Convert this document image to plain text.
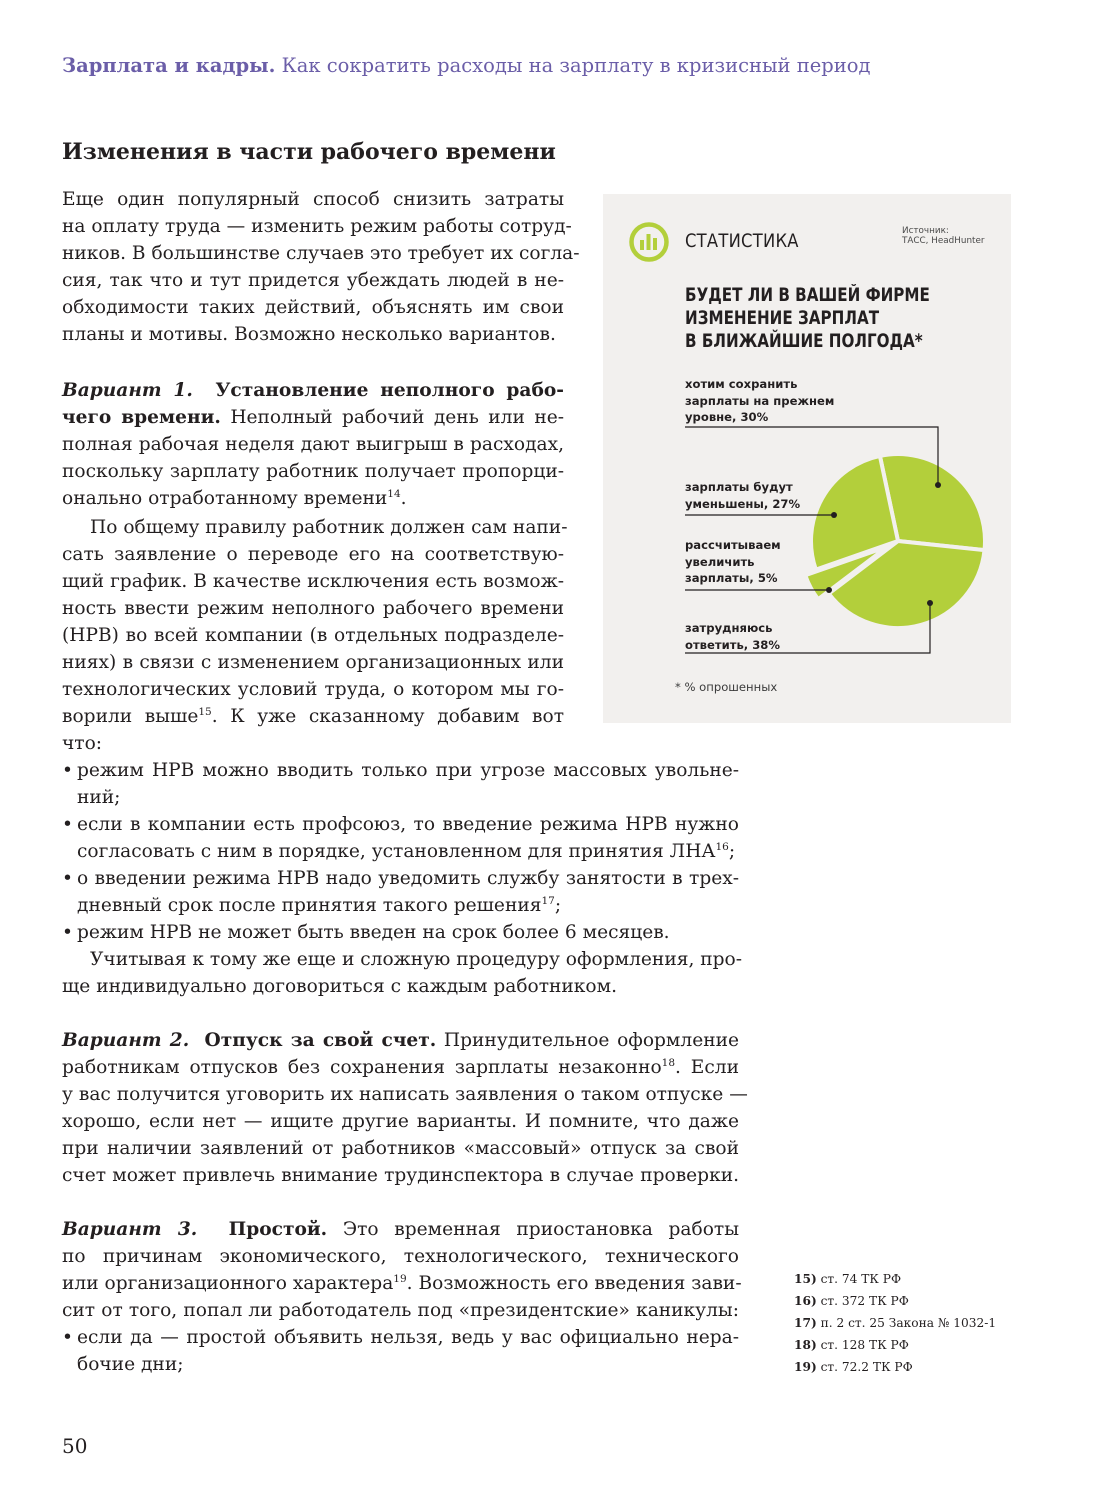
Зарплата и кадры. Как сократить расходы на зарплату в кризисный период
Изменения в части рабочего времени
Еще один популярный способ снизить затраты
на оплату труда — изменить режим работы сотруд-
ников. В большинстве случаев это требует их согла-
сия, так что и тут придется убеждать людей в не-
обходимости таких действий, объяснять им свои
планы и мотивы. Возможно несколько вариантов.
Вариант 1. Установление неполного рабо-
чего времени. Неполный рабочий день или не-
полная рабочая неделя дают выигрыш в расходах,
поскольку зарплату работник получает пропорци-
онально отработанному времени$^{14}$.
По общему правилу работник должен сам напи-
сать заявление о переводе его на соответствую-
щий график. В качестве исключения есть возмож-
ность ввести режим неполного рабочего времени
(НРВ) во всей компании (в отдельных подразделе-
ниях) в связи с изменением организационных или
технологических условий труда, о котором мы го-
ворили выше$^{15}$. К уже сказанному добавим вот
что:
• режим НРВ можно вводить только при угрозе массовых увольне-
ний;
• если в компании есть профсоюз, то введение режима НРВ нужно
согласовать с ним в порядке, установленном для принятия ЛНА$^{16}$;
• о введении режима НРВ надо уведомить службу занятости в трех-
дневный срок после принятия такого решения$^{17}$;
• режим НРВ не может быть введен на срок более 6 месяцев.
Учитывая к тому же еще и сложную процедуру оформления, про-
ще индивидуально договориться с каждым работником.
Вариант 2. Отпуск за свой счет. Принудительное оформление
работникам отпусков без сохранения зарплаты незаконно$^{18}$. Если
у вас получится уговорить их написать заявления о таком отпуске —
хорошо, если нет — ищите другие варианты. И помните, что даже
при наличии заявлений от работников «массовый» отпуск за свой
счет может привлечь внимание трудинспектора в случае проверки.
Вариант 3. Простой. Это временная приостановка работы
по причинам экономического, технологического, технического
или организационного характера$^{19}$. Возможность его введения зави-
сит от того, попал ли работодатель под «президентские» каникулы:
• если да — простой объявить нельзя, ведь у вас официально нера-
бочие дни;
СТАТИСТИКА	Источник:
ТАСС, HeadHunter
БУДЕТ ЛИ В ВАШЕЙ ФИРМЕ
ИЗМЕНЕНИЕ ЗАРПЛАТ
В БЛИЖАЙШИЕ ПОЛГОДА*
хотим сохранить
зарплаты на прежнем
уровне, 30%
зарплаты будут
уменьшены, 27%
рассчитываем
увеличить
зарплаты, 5%
затрудняюсь
ответить, 38%
* % опрошенных
15) ст. 74 ТК РФ
16) ст. 372 ТК РФ
17) п. 2 ст. 25 Закона № 1032-1
18) ст. 128 ТК РФ
19) ст. 72.2 ТК РФ
50
